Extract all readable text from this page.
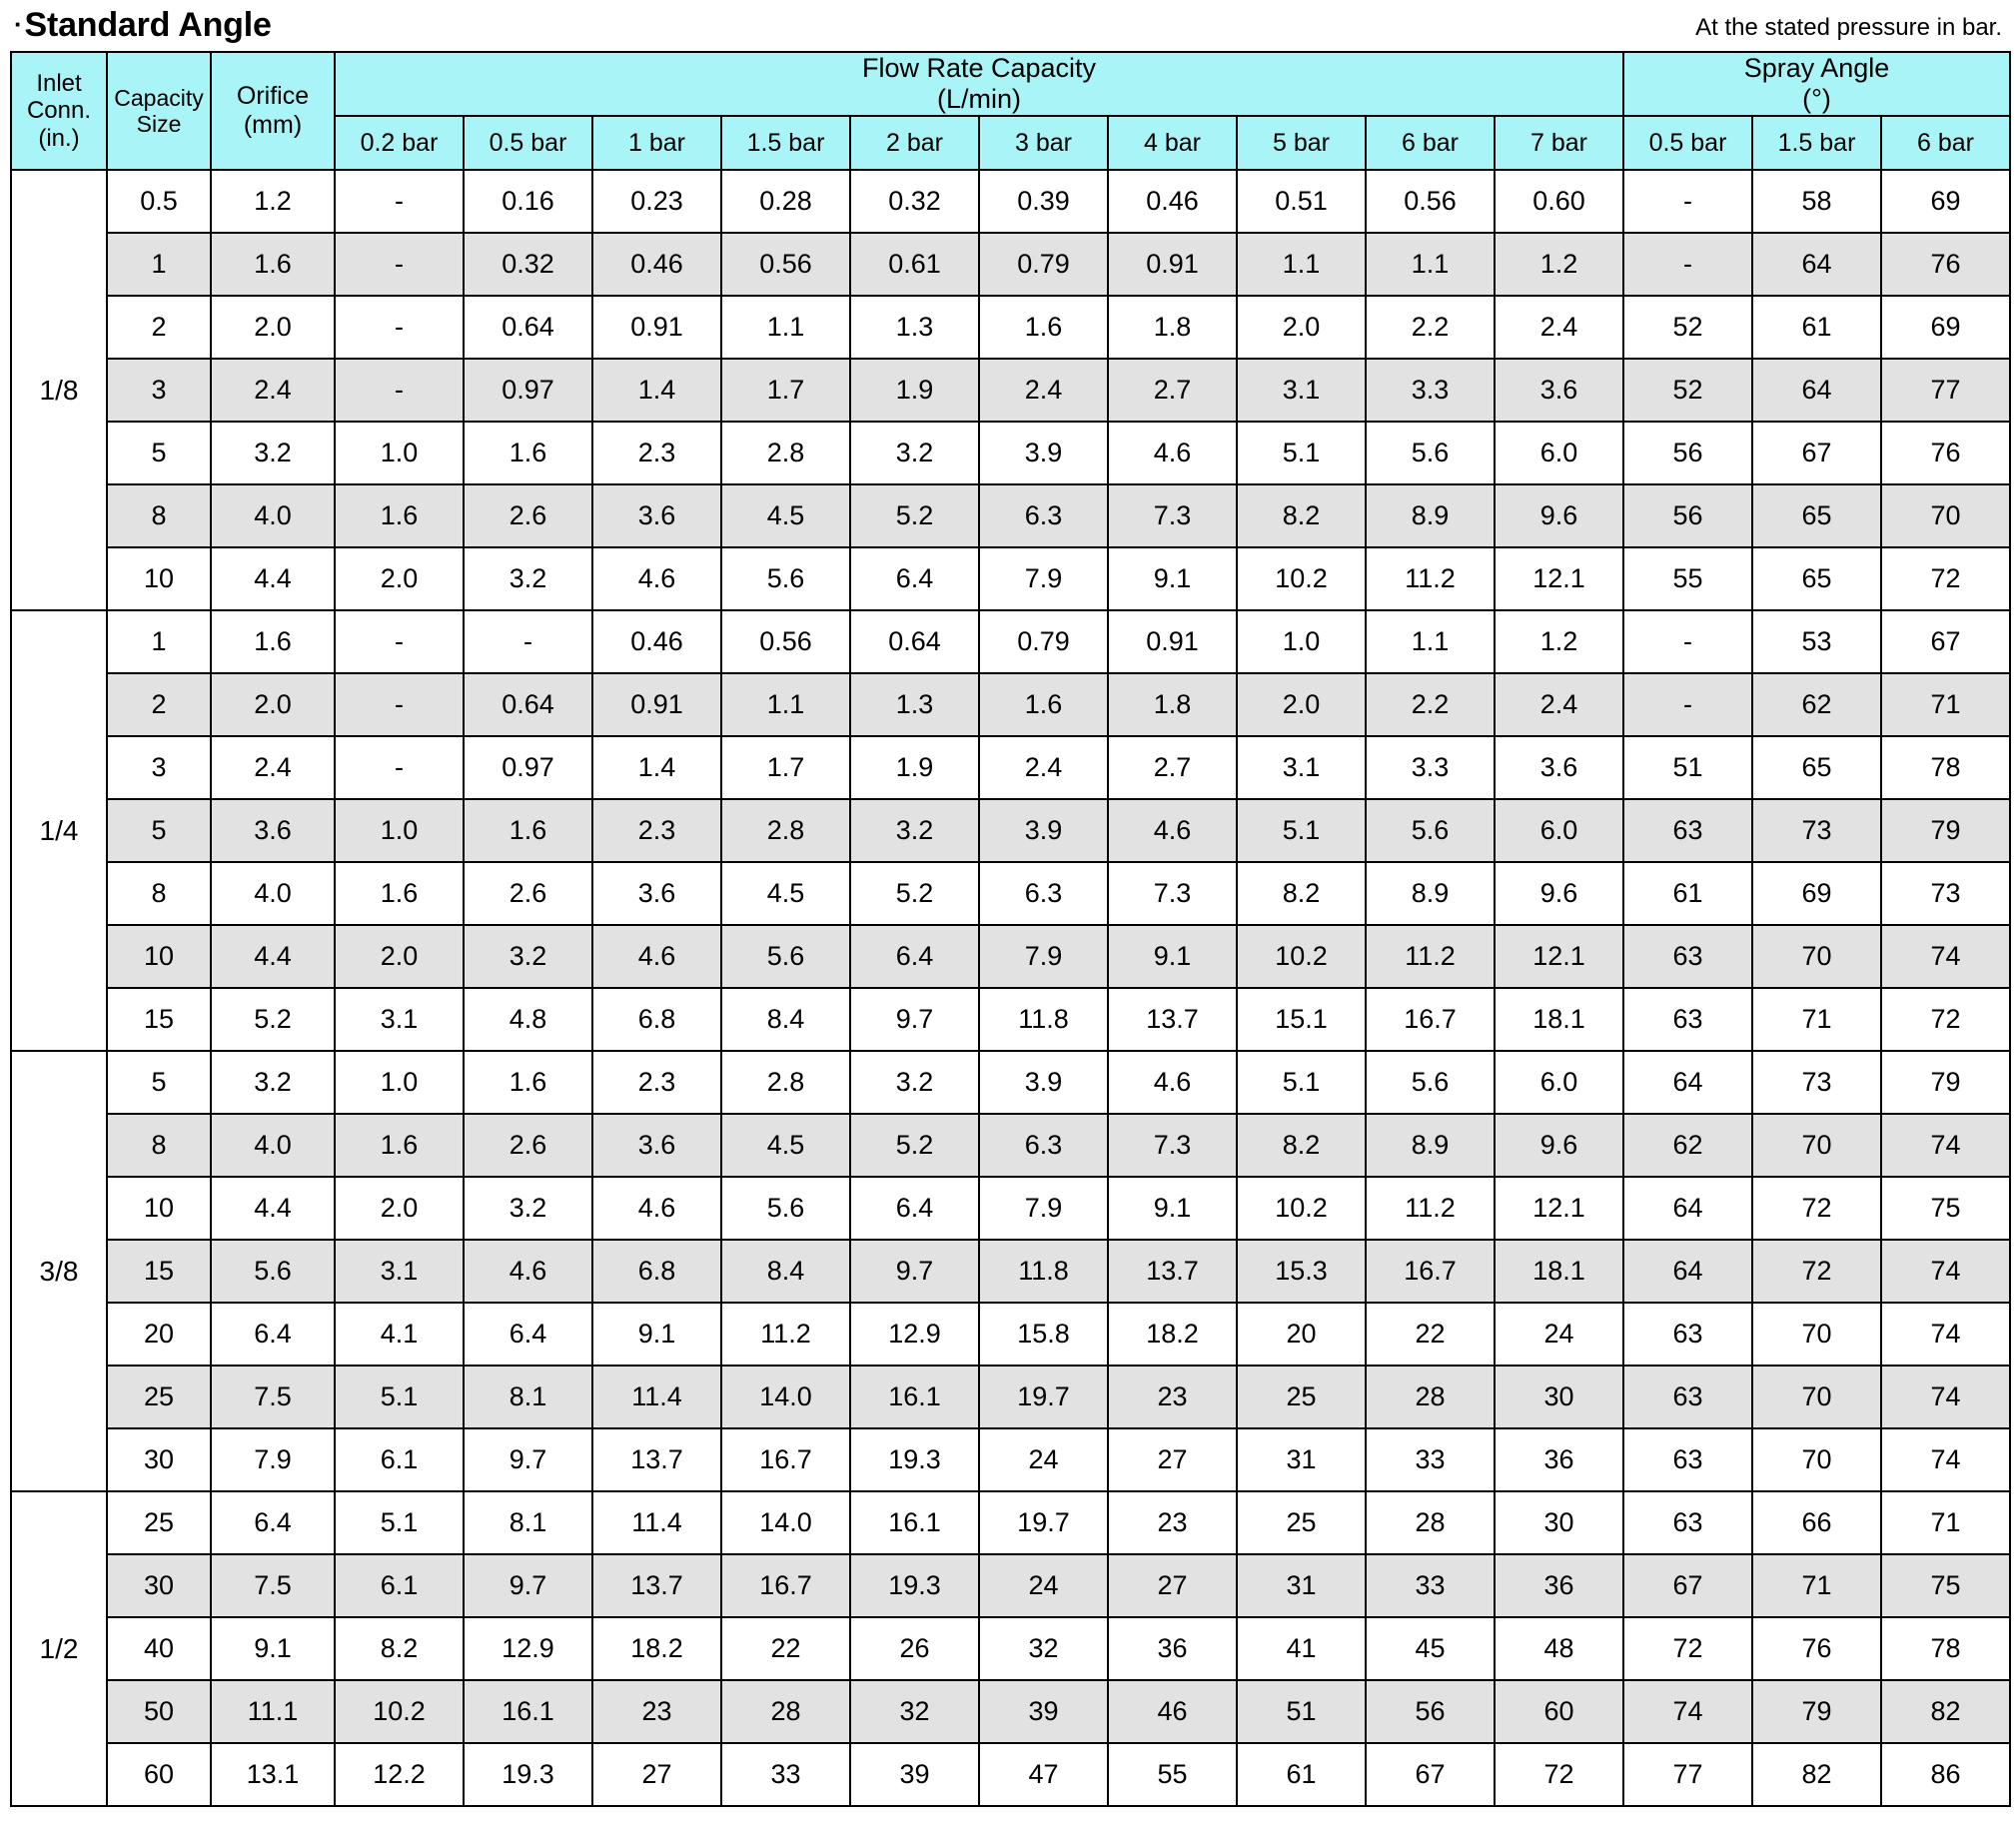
·Standard Angle	At the stated pressure in bar.
Inlet
Conn.
(in.)

Capacity
Size

Orifice
(mm)

Flow Rate Capacity
(L/min)

Spray Angle
(°)

			0.2 bar	0.5 bar	1 bar	1.5 bar	2 bar	3 bar	4 bar	5 bar	6 bar	7 bar	0.5 bar	1.5 bar	6 bar
1/8	0.5	1.2	-	0.16	0.23	0.28	0.32	0.39	0.46	0.51	0.56	0.60	-	58	69
	1	1.6	-	0.32	0.46	0.56	0.61	0.79	0.91	1.1	1.1	1.2	-	64	76
	2	2.0	-	0.64	0.91	1.1	1.3	1.6	1.8	2.0	2.2	2.4	52	61	69
	3	2.4	-	0.97	1.4	1.7	1.9	2.4	2.7	3.1	3.3	3.6	52	64	77
	5	3.2	1.0	1.6	2.3	2.8	3.2	3.9	4.6	5.1	5.6	6.0	56	67	76
	8	4.0	1.6	2.6	3.6	4.5	5.2	6.3	7.3	8.2	8.9	9.6	56	65	70
	10	4.4	2.0	3.2	4.6	5.6	6.4	7.9	9.1	10.2	11.2	12.1	55	65	72
1/4	1	1.6	-	-	0.46	0.56	0.64	0.79	0.91	1.0	1.1	1.2	-	53	67
	2	2.0	-	0.64	0.91	1.1	1.3	1.6	1.8	2.0	2.2	2.4	-	62	71
	3	2.4	-	0.97	1.4	1.7	1.9	2.4	2.7	3.1	3.3	3.6	51	65	78
	5	3.6	1.0	1.6	2.3	2.8	3.2	3.9	4.6	5.1	5.6	6.0	63	73	79
	8	4.0	1.6	2.6	3.6	4.5	5.2	6.3	7.3	8.2	8.9	9.6	61	69	73
	10	4.4	2.0	3.2	4.6	5.6	6.4	7.9	9.1	10.2	11.2	12.1	63	70	74
	15	5.2	3.1	4.8	6.8	8.4	9.7	11.8	13.7	15.1	16.7	18.1	63	71	72
3/8	5	3.2	1.0	1.6	2.3	2.8	3.2	3.9	4.6	5.1	5.6	6.0	64	73	79
	8	4.0	1.6	2.6	3.6	4.5	5.2	6.3	7.3	8.2	8.9	9.6	62	70	74
	10	4.4	2.0	3.2	4.6	5.6	6.4	7.9	9.1	10.2	11.2	12.1	64	72	75
	15	5.6	3.1	4.6	6.8	8.4	9.7	11.8	13.7	15.3	16.7	18.1	64	72	74
	20	6.4	4.1	6.4	9.1	11.2	12.9	15.8	18.2	20	22	24	63	70	74
	25	7.5	5.1	8.1	11.4	14.0	16.1	19.7	23	25	28	30	63	70	74
	30	7.9	6.1	9.7	13.7	16.7	19.3	24	27	31	33	36	63	70	74
1/2	25	6.4	5.1	8.1	11.4	14.0	16.1	19.7	23	25	28	30	63	66	71
	30	7.5	6.1	9.7	13.7	16.7	19.3	24	27	31	33	36	67	71	75
	40	9.1	8.2	12.9	18.2	22	26	32	36	41	45	48	72	76	78
	50	11.1	10.2	16.1	23	28	32	39	46	51	56	60	74	79	82
	60	13.1	12.2	19.3	27	33	39	47	55	61	67	72	77	82	86
